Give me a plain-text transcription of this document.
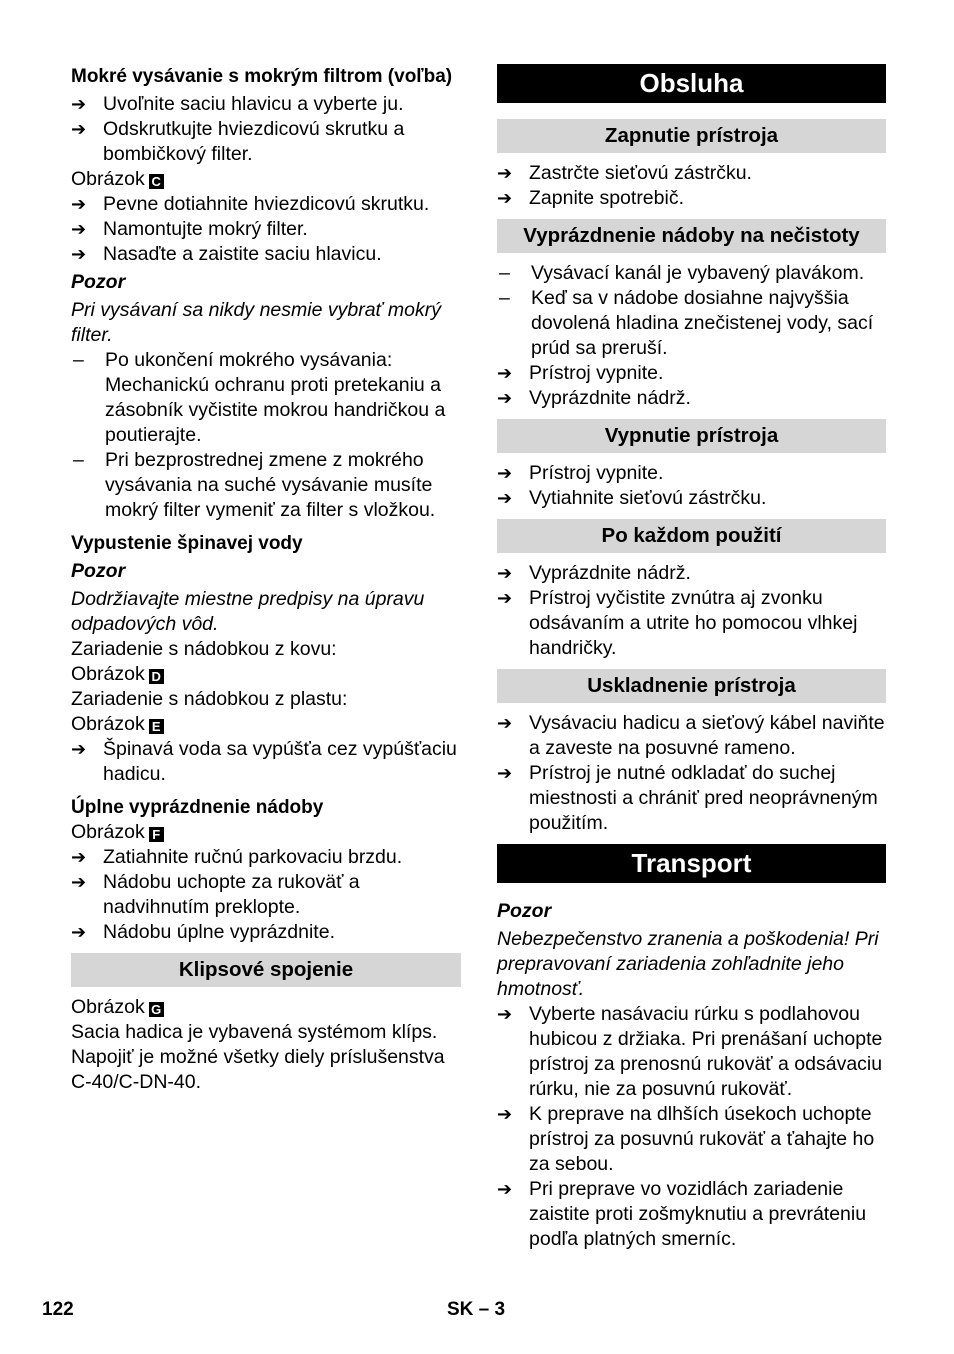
Mokré vysávanie s mokrým filtrom (voľba)

➔ Uvoľnite saciu hlavicu a vyberte ju.
➔ Odskrutkujte hviezdicovú skrutku a bombičkový filter.

Obrázok C

➔ Pevne dotiahnite hviezdicovú skrutku.
➔ Namontujte mokrý filter.
➔ Nasaďte a zaistite saciu hlavicu.

Pozor

Pri vysávaní sa nikdy nesmie vybrať mokrý filter.

–	Po ukončení mokrého vysávania: Mechanickú ochranu proti pretekaniu a zásobník vyčistite mokrou handričkou a poutierajte.
–	Pri bezprostrednej zmene z mokrého vysávania na suché vysávanie musíte mokrý filter vymeniť za filter s vložkou.

Vypustenie špinavej vody

Pozor

Dodržiavajte miestne predpisy na úpravu odpadových vôd.

Zariadenie s nádobkou z kovu:

Obrázok D

Zariadenie s nádobkou z plastu:

Obrázok E

➔ Špinavá voda sa vypúšťa cez vypúšťaciu hadicu.

Úplne vyprázdnenie nádoby

Obrázok F

➔ Zatiahnite ručnú parkovaciu brzdu.
➔ Nádobu uchopte za rukoväť a nadvihnutím preklopte.
➔ Nádobu úplne vyprázdnite.
Klipsové spojenie

Obrázok G

Sacia hadica je vybavená systémom klíps. Napojiť je možné všetky diely príslušenstva C-40/C-DN-40.

Obsluha
Zapnutie prístroja
➔ Zastrčte sieťovú zástrčku.
➔ Zapnite spotrebič.
Vyprázdnenie nádoby na nečistoty
–	Vysávací kanál je vybavený plavákom.
–	Keď sa v nádobe dosiahne najvyššia dovolená hladina znečistenej vody, sací prúd sa preruší.
➔ Prístroj vypnite.
➔ Vyprázdnite nádrž.
Vypnutie prístroja
➔ Prístroj vypnite.
➔ Vytiahnite sieťovú zástrčku.
Po každom použití
➔ Vyprázdnite nádrž.
➔ Prístroj vyčistite zvnútra aj zvonku odsávaním a utrite ho pomocou vlhkej handričky.
Uskladnenie prístroja
➔ Vysávaciu hadicu a sieťový kábel naviňte a zaveste na posuvné rameno.
➔ Prístroj je nutné odkladať do suchej miestnosti a chrániť pred neoprávneným použitím.
Transport

Pozor

Nebezpečenstvo zranenia a poškodenia! Pri prepravovaní zariadenia zohľadnite jeho hmotnosť.

➔ Vyberte nasávaciu rúrku s podlahovou hubicou z držiaka. Pri prenášaní uchopte prístroj za prenosnú rukoväť a odsávaciu rúrku, nie za posuvnú rukoväť.
➔ K preprave na dlhších úsekoch uchopte prístroj za posuvnú rukoväť a ťahajte ho za sebou.
➔ Pri preprave vo vozidlách zariadenie zaistite proti zošmyknutiu a prevráteniu podľa platných smerníc.
122	SK – 3
